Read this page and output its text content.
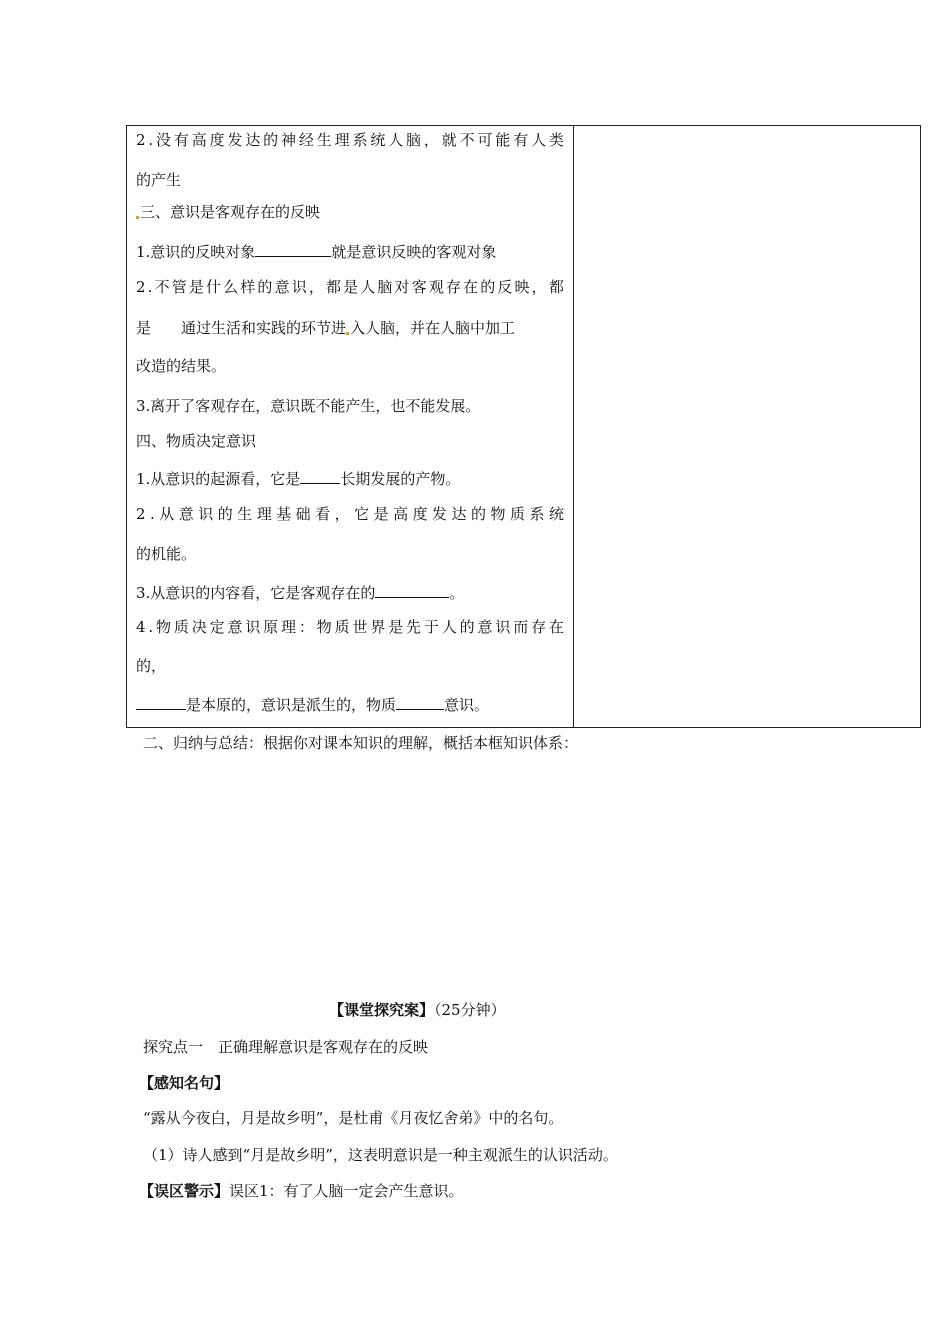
2 . 没 有 高 度 发 达 的 神 经 生 理 系 统 人 脑 ， 就 不 可 能 有 人 类
的产生
三、意识是客观存在的反映
1.意识的反映对象	就是意识反映的客观对象
2 . 不 管 是 什 么 样 的 意 识 ， 都 是 人 脑 对 客 观 存 在 的 反 映 ， 都
是 通过生活和实践的环节进 入人脑，并在人脑中加工
改造的结果。
3.离开了客观存在，意识既不能产生，也不能发展。
四、物质决定意识
1.从意识的起源看，它是	长期发展的产物。
2 . 从 意 识 的 生 理 基 础 看 ， 它 是 高 度 发 达 的 物 质 系 统
的机能。
3.从意识的内容看，它是客观存在的	。
4 . 物 质 决 定 意 识 原 理 ： 物 质 世 界 是 先 于 人 的 意 识 而 存 在
的，
是本原的，意识是派生的，物质	意识。
二、归纳与总结：根据你对课本知识的理解，概括本框知识体系：
【课堂探究案】（25分钟）
探究点一　正确理解意识是客观存在的反映
【感知名句】
“露从今夜白，月是故乡明”，是杜甫《月夜忆舍弟》中的名句。
（1）诗人感到“月是故乡明”，这表明意识是一种主观派生的认识活动。
【误区警示】误区1：有了人脑一定会产生意识。
